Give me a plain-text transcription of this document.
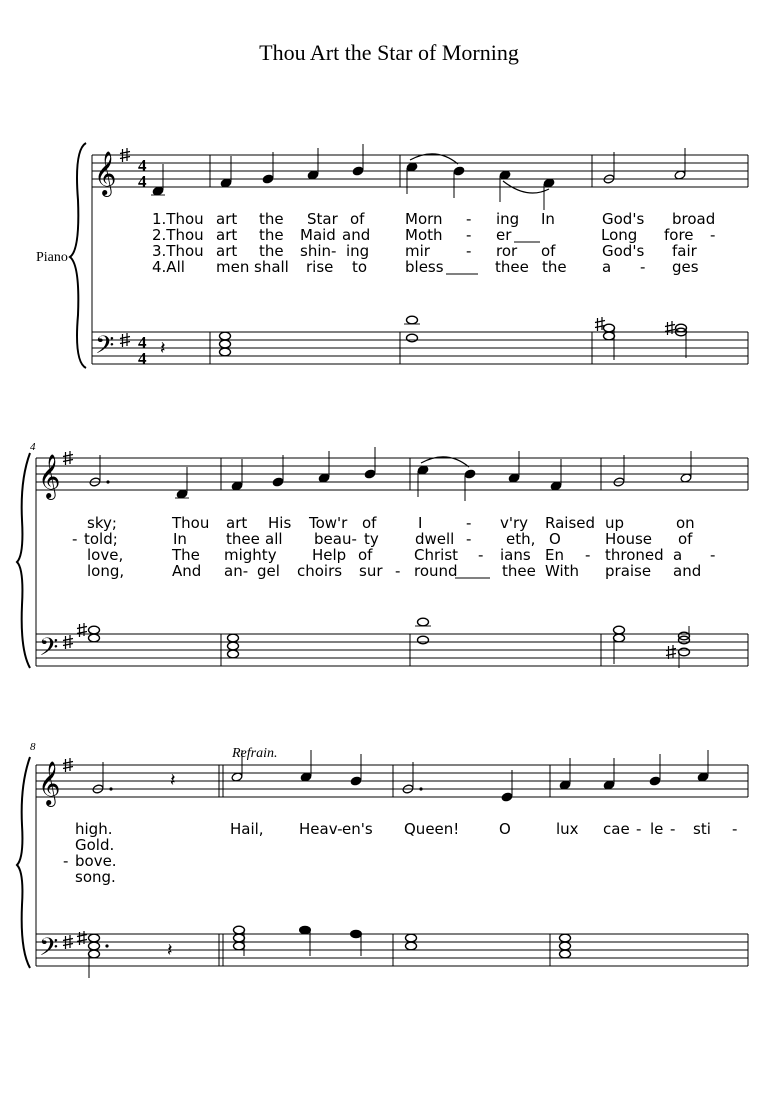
Thou Art the Star of Morning
Piano
𝄞
𝄢
4
4
4
4 𝄽
4
𝄞
𝄢
8	Refrain.
𝄞
𝄢
𝄽
𝄽
1.Thou art the Star of	Morn - ing In	God's broad
2.Thou art the Maid and Moth - er	Long fore -
3.Thou art the shin- ing mir - ror of	God's fair
4.All men shall rise to	bless	thee the a - ges
sky;	Thou art His Tow'r of	I	- v'ry Raised up	on
- told;	In	thee all beau- ty dwell - eth, O	House of
love,	The mighty Help of	Christ - ians En - throned a -
long,	And an- gel choirs sur - round	thee With praise and
high.	Hail, Heav- en's Queen!	O	lux cae - le - sti -
Gold.
- bove.
song.
